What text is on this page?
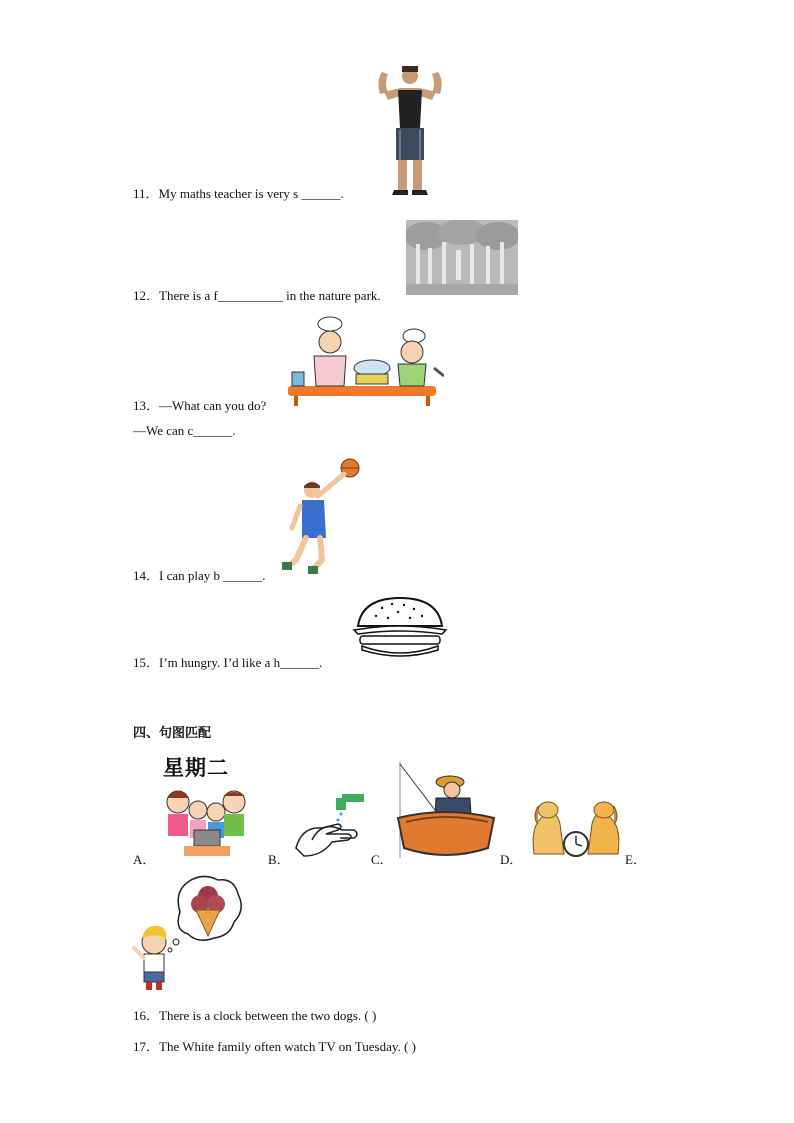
11．My maths teacher is very s ______.
12．There is a f__________ in the nature park.
13．—What can you do?
—We can c______.
14．I can play b ______.
15．I’m hungry. I’d like a h______.
四、句图匹配
星期二
A．	B．	C．	D．	E．
16．There is a clock between the two dogs. ( )
17．The White family often watch TV on Tuesday. ( )
